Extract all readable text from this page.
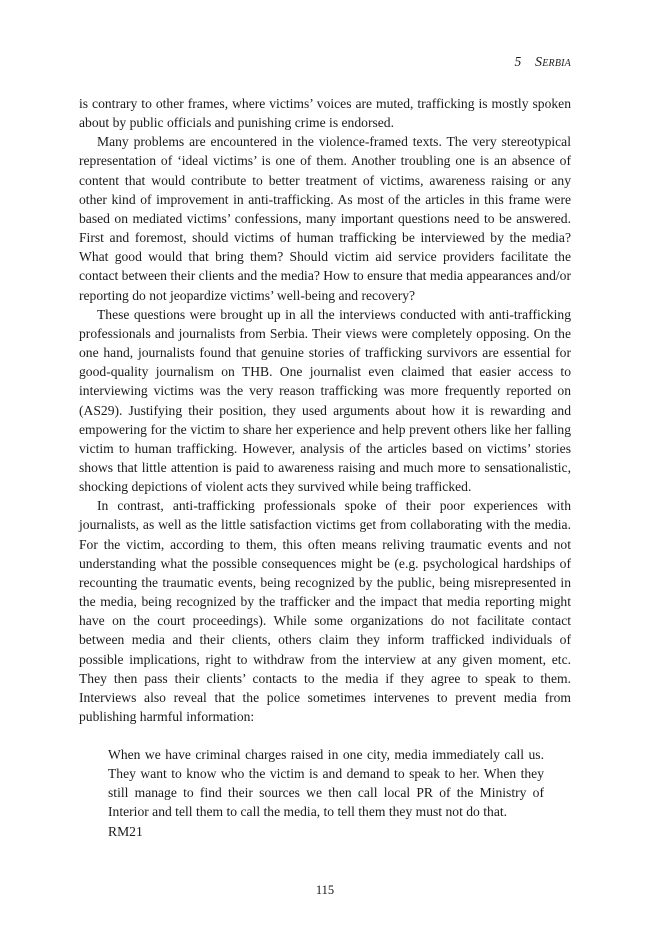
5 Serbia

is contrary to other frames, where victims’ voices are muted, trafficking is mostly spoken about by public officials and punishing crime is endorsed.

Many problems are encountered in the violence-framed texts. The very stereotypical representation of ‘ideal victims’ is one of them. Another troubling one is an absence of content that would contribute to better treatment of victims, awareness raising or any other kind of improvement in anti-trafficking. As most of the articles in this frame were based on mediated victims’ confessions, many important questions need to be answered. First and foremost, should victims of human trafficking be interviewed by the media? What good would that bring them? Should victim aid service providers facilitate the contact between their clients and the media? How to ensure that media appearances and/or reporting do not jeopardize victims’ well-being and recovery?

These questions were brought up in all the interviews conducted with anti-trafficking professionals and journalists from Serbia. Their views were completely opposing. On the one hand, journalists found that genuine stories of trafficking survivors are essential for good-quality journalism on THB. One journalist even claimed that easier access to interviewing victims was the very reason trafficking was more frequently reported on (AS29). Justifying their position, they used arguments about how it is rewarding and empowering for the victim to share her experience and help prevent others like her falling victim to human trafficking. However, analysis of the articles based on victims’ stories shows that little attention is paid to awareness raising and much more to sensationalistic, shocking depictions of violent acts they survived while being trafficked.

In contrast, anti-trafficking professionals spoke of their poor experiences with journalists, as well as the little satisfaction victims get from collaborating with the media. For the victim, according to them, this often means reliving traumatic events and not understanding what the possible consequences might be (e.g. psychological hardships of recounting the traumatic events, being recognized by the public, being misrepresented in the media, being recognized by the trafficker and the impact that media reporting might have on the court proceedings). While some organizations do not facilitate contact between media and their clients, others claim they inform trafficked individuals of possible implications, right to withdraw from the interview at any given moment, etc. They then pass their clients’ contacts to the media if they agree to speak to them. Interviews also reveal that the police sometimes intervenes to prevent media from publishing harmful information:

When we have criminal charges raised in one city, media immediately call us. They want to know who the victim is and demand to speak to her. When they still manage to find their sources we then call local PR of the Ministry of Interior and tell them to call the media, to tell them they must not do that.

RM21
115
